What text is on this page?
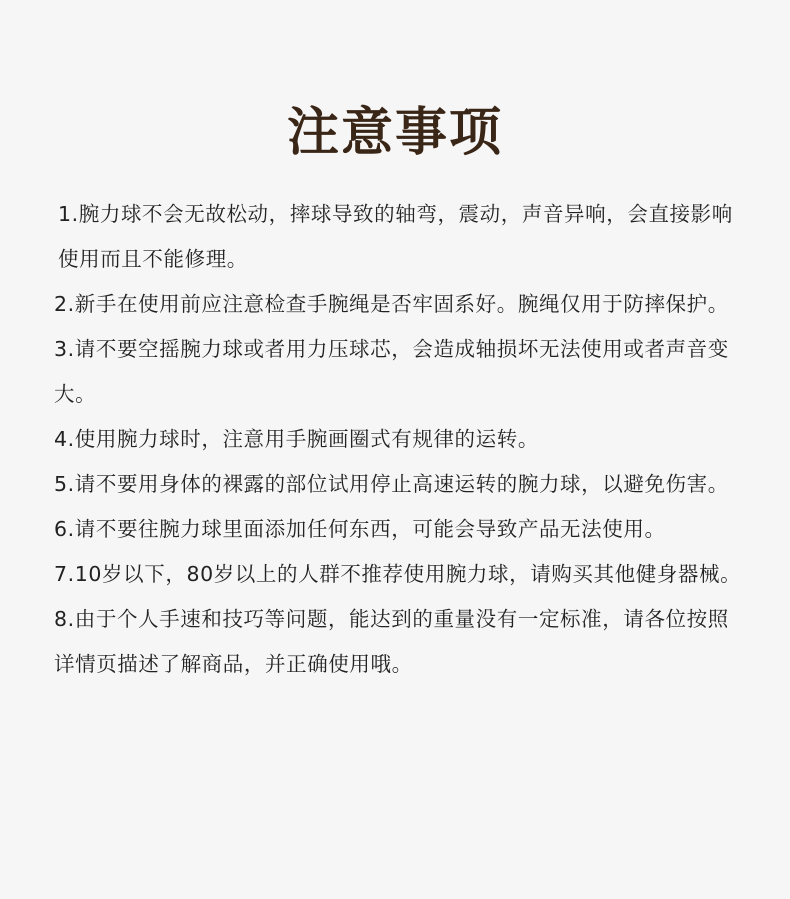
注意事项
1.腕力球不会无故松动，摔球导致的轴弯，震动，声音异响，会直接影响使用而且不能修理。
2.新手在使用前应注意检查手腕绳是否牢固系好。腕绳仅用于防摔保护。
3.请不要空摇腕力球或者用力压球芯，会造成轴损坏无法使用或者声音变大。
4.使用腕力球时，注意用手腕画圈式有规律的运转。
5.请不要用身体的裸露的部位试用停止高速运转的腕力球，以避免伤害。
6.请不要往腕力球里面添加任何东西，可能会导致产品无法使用。
7.10岁以下，80岁以上的人群不推荐使用腕力球，请购买其他健身器械。
8.由于个人手速和技巧等问题，能达到的重量没有一定标准，请各位按照详情页描述了解商品，并正确使用哦。
